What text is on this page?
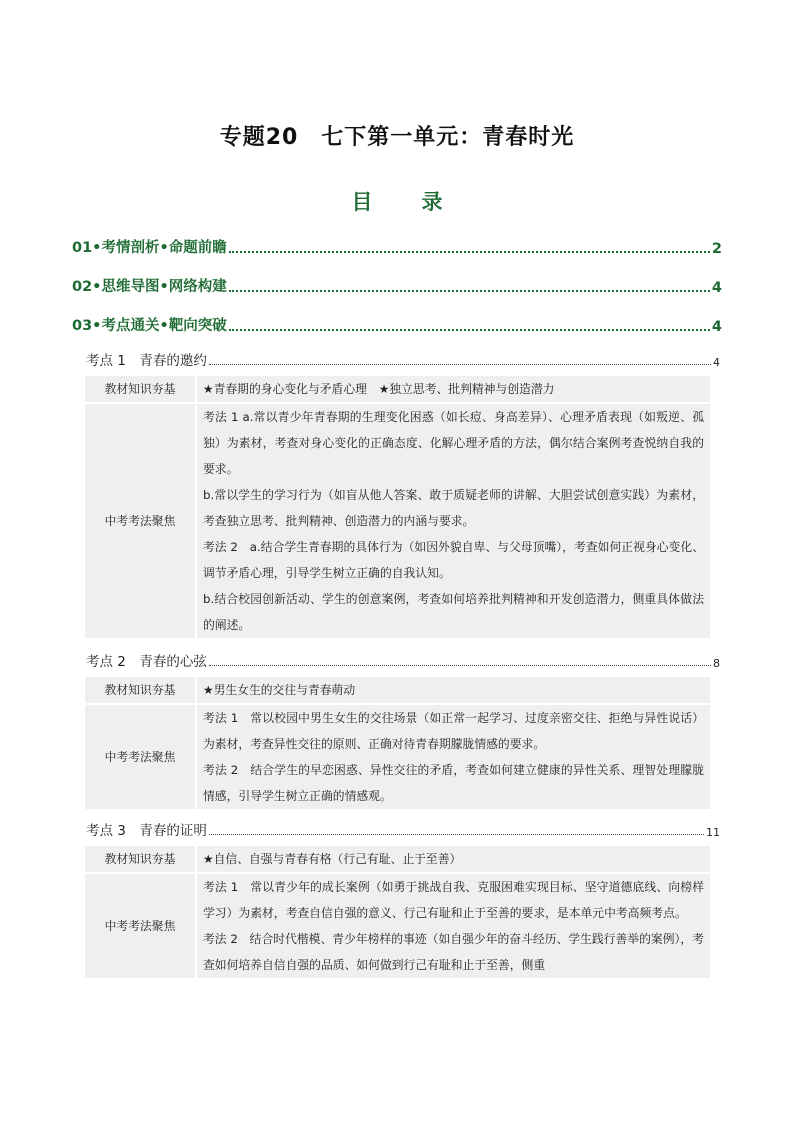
专题20　七下第一单元：青春时光
目　录
01•考情剖析•命题前瞻	2
02•思维导图•网络构建	4
03•考点通关•靶向突破	4
考点 1　青春的邀约	4
教材知识夯基	★青春期的身心变化与矛盾心理　★独立思考、批判精神与创造潜力
中考考法聚焦	考法 1 a.常以青少年青春期的生理变化困惑（如长痘、身高差异）、心理矛盾表现（如叛逆、孤独）为素材，考查对身心变化的正确态度、化解心理矛盾的方法，偶尔结合案例考查悦纳自我的要求。

b.常以学生的学习行为（如盲从他人答案、敢于质疑老师的讲解、大胆尝试创意实践）为素材，考查独立思考、批判精神、创造潜力的内涵与要求。

考法 2　a.结合学生青春期的具体行为（如因外貌自卑、与父母顶嘴），考查如何正视身心变化、调节矛盾心理，引导学生树立正确的自我认知。

b.结合校园创新活动、学生的创意案例，考查如何培养批判精神和开发创造潜力，侧重具体做法的阐述。

考点 2　青春的心弦	8
教材知识夯基	★男生女生的交往与青春萌动
中考考法聚焦	考法 1　常以校园中男生女生的交往场景（如正常一起学习、过度亲密交往、拒绝与异性说话）为素材，考查异性交往的原则、正确对待青春期朦胧情感的要求。

考法 2　结合学生的早恋困惑、异性交往的矛盾，考查如何建立健康的异性关系、理智处理朦胧情感，引导学生树立正确的情感观。

考点 3　青春的证明	11
教材知识夯基	★自信、自强与青春有格（行己有耻、止于至善）
中考考法聚焦	考法 1　常以青少年的成长案例（如勇于挑战自我、克服困难实现目标、坚守道德底线、向榜样学习）为素材，考查自信自强的意义、行己有耻和止于至善的要求，是本单元中考高频考点。

考法 2　结合时代楷模、青少年榜样的事迹（如自强少年的奋斗经历、学生践行善举的案例），考查如何培养自信自强的品质、如何做到行己有耻和止于至善，侧重
